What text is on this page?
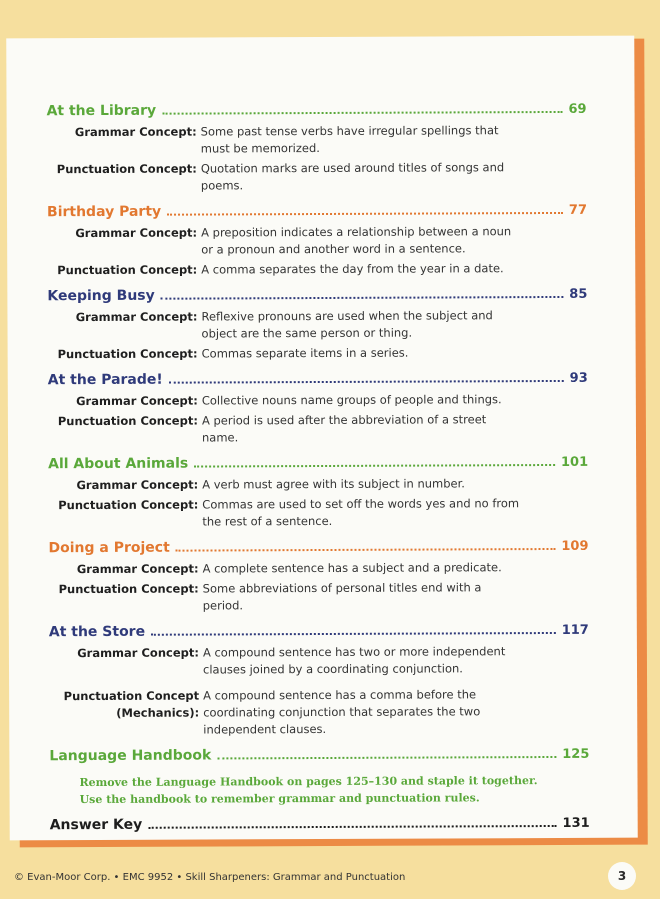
At the Library	69
Grammar Concept: Some past tense verbs have irregular spellings that must be memorized.
Punctuation Concept: Quotation marks are used around titles of songs and poems.
Birthday Party	77
Grammar Concept: A preposition indicates a relationship between a noun or a pronoun and another word in a sentence.
Punctuation Concept: A comma separates the day from the year in a date.
Keeping Busy	85
Grammar Concept: Reflexive pronouns are used when the subject and object are the same person or thing.
Punctuation Concept: Commas separate items in a series.
At the Parade!	93
Grammar Concept: Collective nouns name groups of people and things.
Punctuation Concept: A period is used after the abbreviation of a street name.
All About Animals	101
Grammar Concept: A verb must agree with its subject in number.
Punctuation Concept: Commas are used to set off the words yes and no from the rest of a sentence.
Doing a Project	109
Grammar Concept: A complete sentence has a subject and a predicate.
Punctuation Concept: Some abbreviations of personal titles end with a period.
At the Store	117
Grammar Concept: A compound sentence has two or more independent clauses joined by a coordinating conjunction.
Punctuation Concept (Mechanics):
A compound sentence has a comma before the coordinating conjunction that separates the two independent clauses.
Language Handbook	125
Remove the Language Handbook on pages 125–130 and staple it together.
Use the handbook to remember grammar and punctuation rules.
Answer Key	131
© Evan-Moor Corp. • EMC 9952 • Skill Sharpeners: Grammar and Punctuation	3
